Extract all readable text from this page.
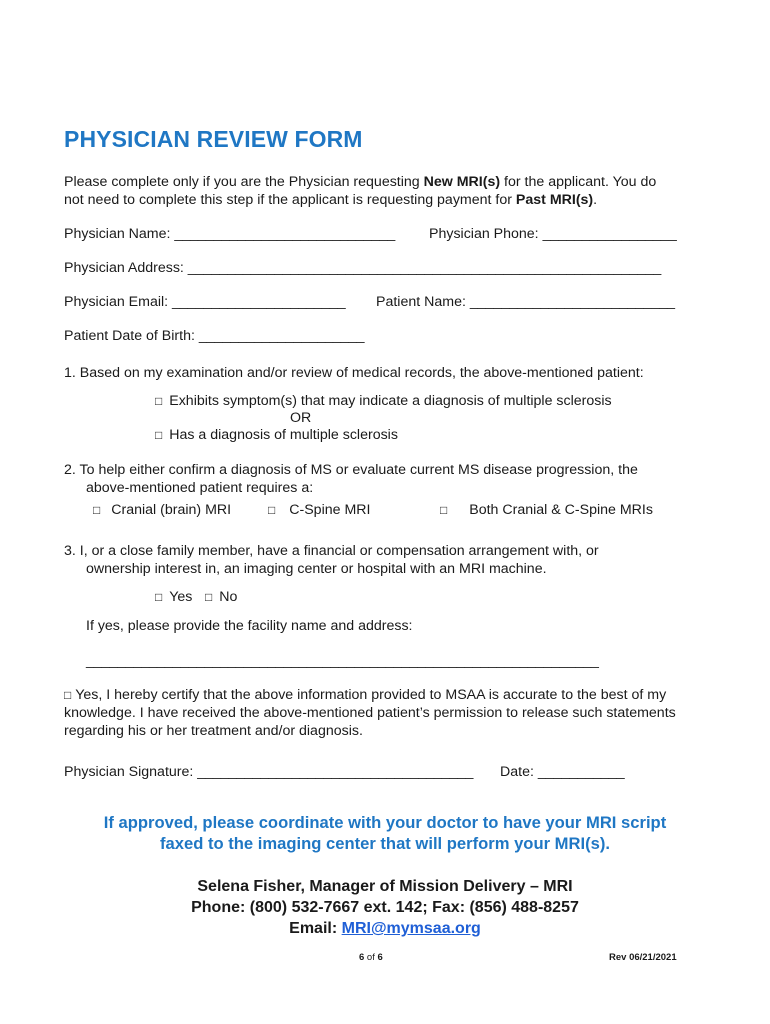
PHYSICIAN REVIEW FORM
Please complete only if you are the Physician requesting New MRI(s) for the applicant. You do
not need to complete this step if the applicant is requesting payment for Past MRI(s).
Physician Name: ____________________________ Physician Phone: _________________
Physician Address: ____________________________________________________________
Physician Email: ______________________ Patient Name: __________________________
Patient Date of Birth: _____________________
1. Based on my examination and/or review of medical records, the above-mentioned patient:
□ Exhibits symptom(s) that may indicate a diagnosis of multiple sclerosis
OR
□ Has a diagnosis of multiple sclerosis
2. To help either confirm a diagnosis of MS or evaluate current MS disease progression, the
above-mentioned patient requires a:
□ Cranial (brain) MRI	□ C-Spine MRI	□ Both Cranial & C-Spine MRIs
3. I, or a close family member, have a financial or compensation arrangement with, or
ownership interest in, an imaging center or hospital with an MRI machine.
□ Yes □ No
If yes, please provide the facility name and address:
_________________________________________________________________
□ Yes, I hereby certify that the above information provided to MSAA is accurate to the best of my
knowledge. I have received the above-mentioned patient’s permission to release such statements
regarding his or her treatment and/or diagnosis.
Physician Signature: ___________________________________ Date: ___________
If approved, please coordinate with your doctor to have your MRI script
faxed to the imaging center that will perform your MRI(s).
Selena Fisher, Manager of Mission Delivery – MRI
Phone: (800) 532-7667 ext. 142; Fax: (856) 488-8257
Email: MRI@mymsaa.org
6 of 6	Rev 06/21/2021
